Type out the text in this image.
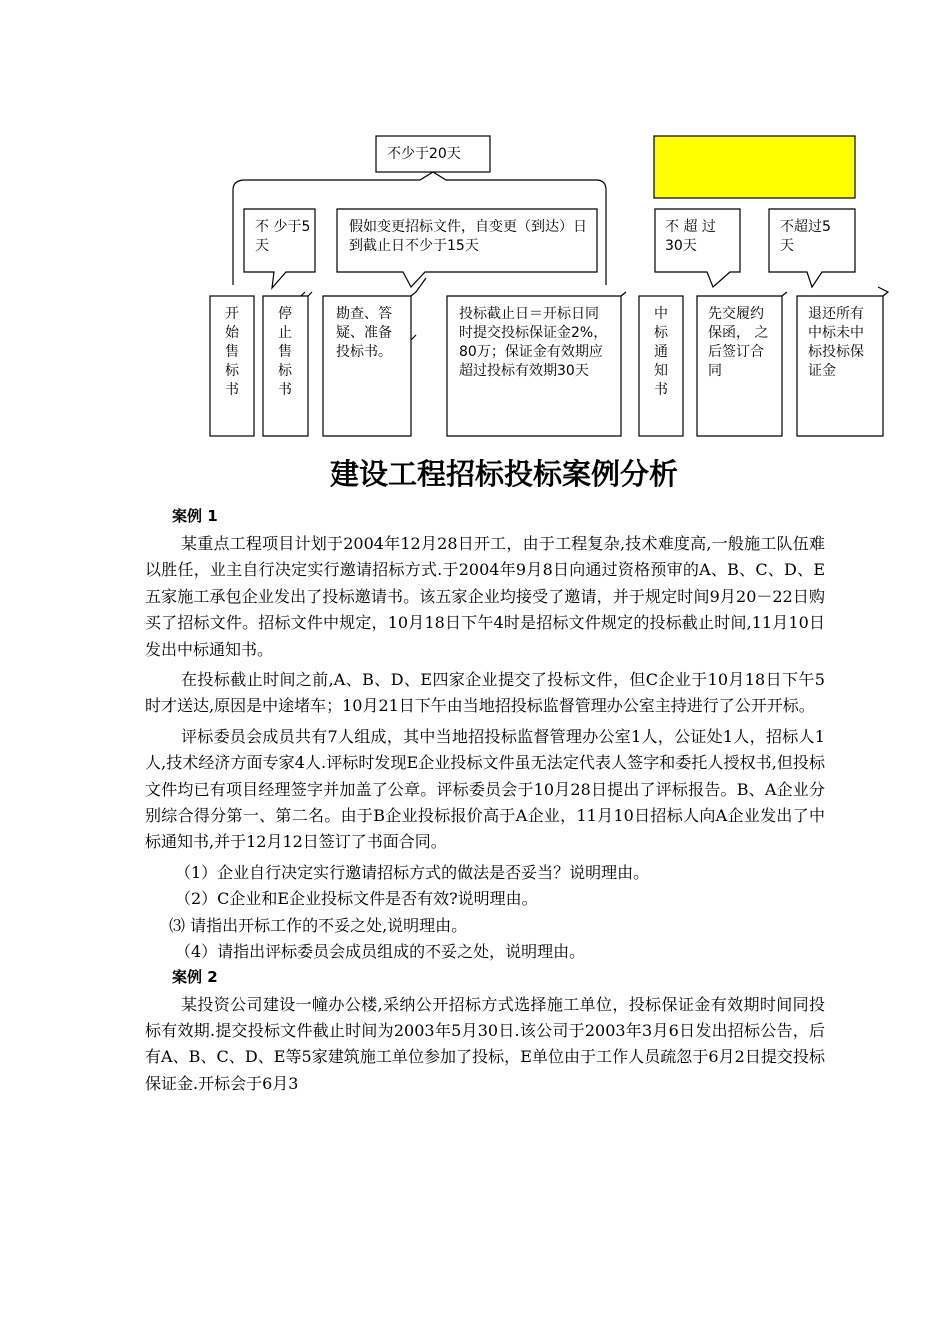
不少于20天
不 少于5天
假如变更招标文件，自变更（到达）日到截止日不少于15天
不 超 过30天
不超过5天
开始售标书
停止售标书
勘查、答疑、准备投标书。
投标截止日＝开标日同时提交投标保证金2%， 80万；保证金有效期应超过投标有效期30天
中标通知书
先交履约 保函， 之后签订合同
退还所有中标未中标投标保证金
建设工程招标投标案例分析
案例 1

某重点工程项目计划于2004年12月28日开工，由于工程复杂,技术难度高,一般施工队伍难以胜任，业主自行决定实行邀请招标方式.于2004年9月8日向通过资格预审的A、B、C、D、E五家施工承包企业发出了投标邀请书。该五家企业均接受了邀请，并于规定时间9月20－22日购买了招标文件。招标文件中规定，10月18日下午4时是招标文件规定的投标截止时间,11月10日发出中标通知书。

在投标截止时间之前,A、B、D、E四家企业提交了投标文件，但C企业于10月18日下午5时才送达,原因是中途堵车；10月21日下午由当地招投标监督管理办公室主持进行了公开开标。

评标委员会成员共有7人组成，其中当地招投标监督管理办公室1人，公证处1人，招标人1人,技术经济方面专家4人.评标时发现E企业投标文件虽无法定代表人签字和委托人授权书,但投标文件均已有项目经理签字并加盖了公章。评标委员会于10月28日提出了评标报告。B、A企业分别综合得分第一、第二名。由于B企业投标报价高于A企业，11月10日招标人向A企业发出了中标通知书,并于12月12日签订了书面合同。

（1）企业自行决定实行邀请招标方式的做法是否妥当？说明理由。
（2）C企业和E企业投标文件是否有效?说明理由。
⑶ 请指出开标工作的不妥之处,说明理由。
（4）请指出评标委员会成员组成的不妥之处，说明理由。
案例 2

某投资公司建设一幢办公楼,采纳公开招标方式选择施工单位，投标保证金有效期时间同投标有效期.提交投标文件截止时间为2003年5月30日.该公司于2003年3月6日发出招标公告，后有A、B、C、D、E等5家建筑施工单位参加了投标，E单位由于工作人员疏忽于6月2日提交投标保证金.开标会于6月3
